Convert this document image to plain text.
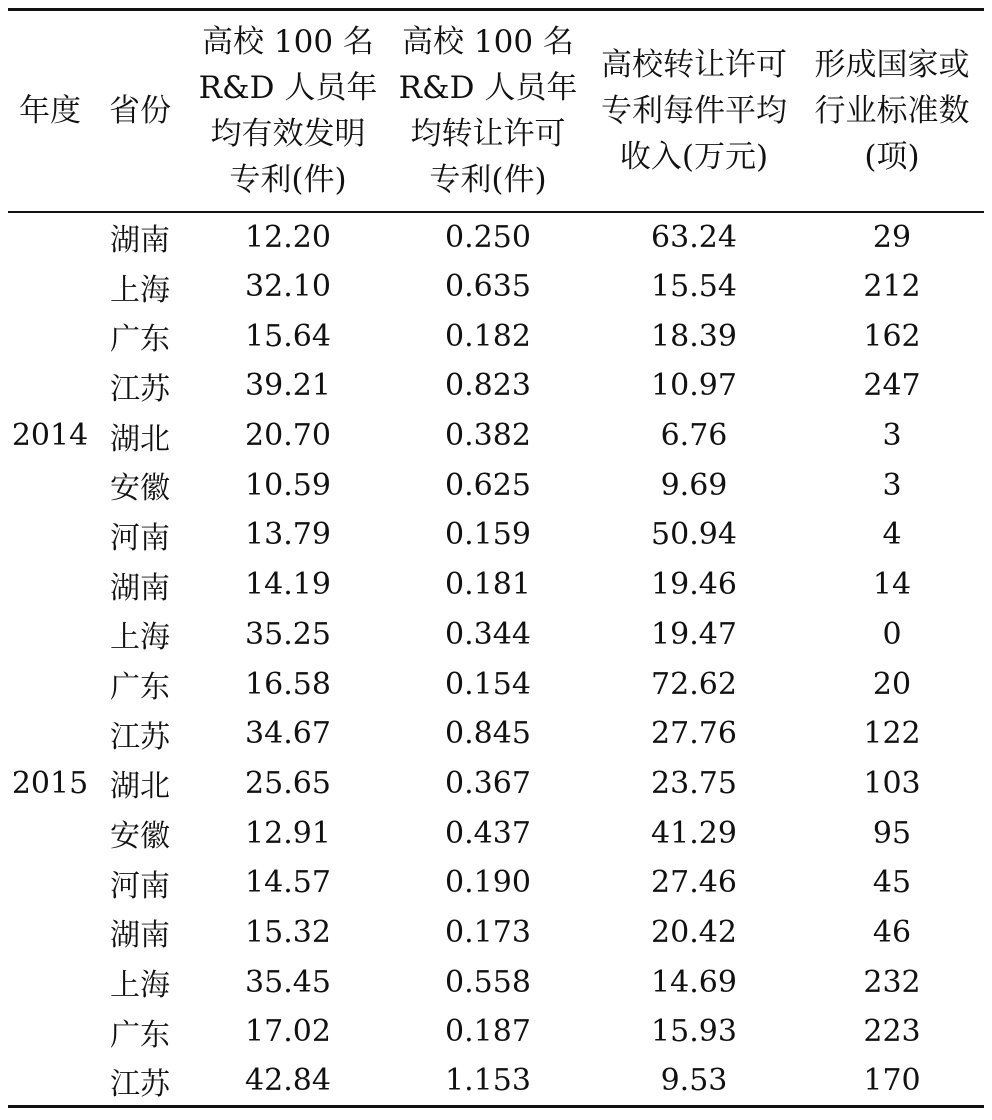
年度	省份	高校 100 名
R&D 人员年
均有效发明
专利(件)	高校 100 名
R&D 人员年
均转让许可
专利(件)	高校转让许可
专利每件平均
收入(万元)	形成国家或
行业标准数
(项)
	湖南	12.20	0.250	63.24	29
	上海	32.10	0.635	15.54	212
	广东	15.64	0.182	18.39	162
	江苏	39.21	0.823	10.97	247
2014	湖北	20.70	0.382	6.76	3
	安徽	10.59	0.625	9.69	3
	河南	13.79	0.159	50.94	4
	湖南	14.19	0.181	19.46	14
	上海	35.25	0.344	19.47	0
	广东	16.58	0.154	72.62	20
	江苏	34.67	0.845	27.76	122
2015	湖北	25.65	0.367	23.75	103
	安徽	12.91	0.437	41.29	95
	河南	14.57	0.190	27.46	45
	湖南	15.32	0.173	20.42	46
	上海	35.45	0.558	14.69	232
	广东	17.02	0.187	15.93	223
	江苏	42.84	1.153	9.53	170
